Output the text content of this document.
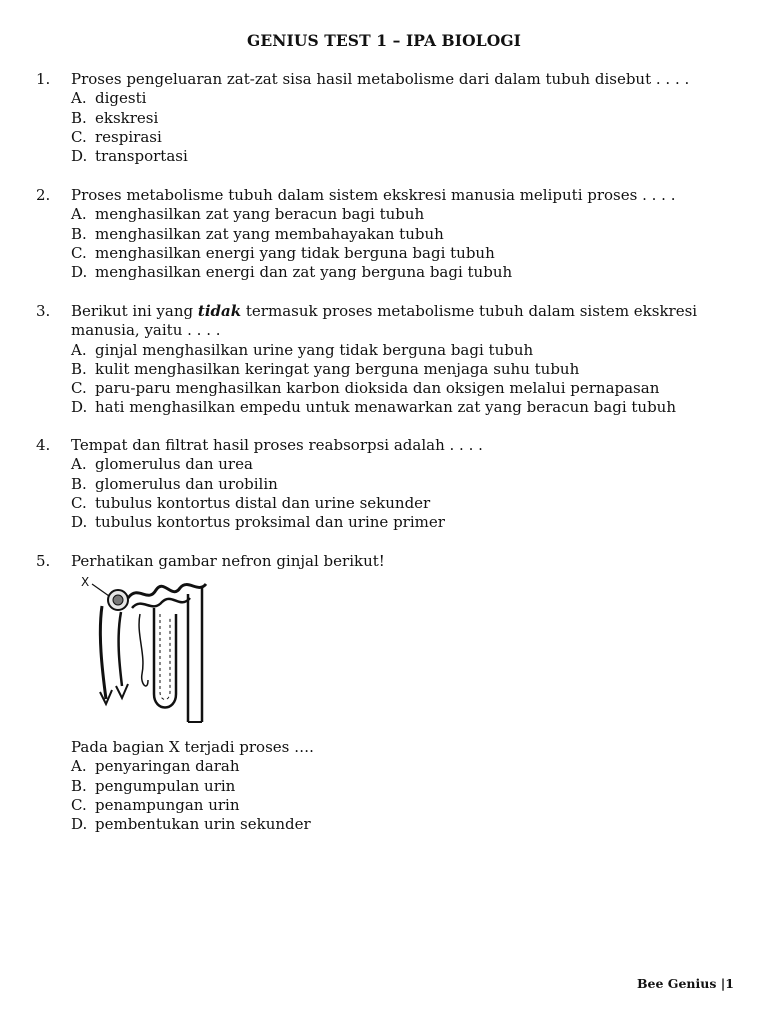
GENIUS TEST 1 – IPA BIOLOGI
1. Proses pengeluaran zat-zat sisa hasil metabolisme dari dalam tubuh disebut . . . .
A. digesti
B. ekskresi
C. respirasi
D. transportasi
2. Proses metabolisme tubuh dalam sistem ekskresi manusia meliputi proses . . . .
A. menghasilkan zat yang beracun bagi tubuh
B. menghasilkan zat yang membahayakan tubuh
C. menghasilkan energi yang tidak berguna bagi tubuh
D. menghasilkan energi dan zat yang berguna bagi tubuh
3. Berikut ini yang tidak termasuk proses metabolisme tubuh dalam sistem ekskresi manusia, yaitu . . . .
A. ginjal menghasilkan urine yang tidak berguna bagi tubuh
B. kulit menghasilkan keringat yang berguna menjaga suhu tubuh
C. paru-paru menghasilkan karbon dioksida dan oksigen melalui pernapasan
D. hati menghasilkan empedu untuk menawarkan zat yang beracun bagi tubuh
4. Tempat dan filtrat hasil proses reabsorpsi adalah . . . .
A. glomerulus dan urea
B. glomerulus dan urobilin
C. tubulus kontortus distal dan urine sekunder
D. tubulus kontortus proksimal dan urine primer
5. Perhatikan gambar nefron ginjal berikut!
X
Pada bagian X terjadi proses ….
A. penyaringan darah
B. pengumpulan urin
C. penampungan urin
D. pembentukan urin sekunder
Bee Genius |1
